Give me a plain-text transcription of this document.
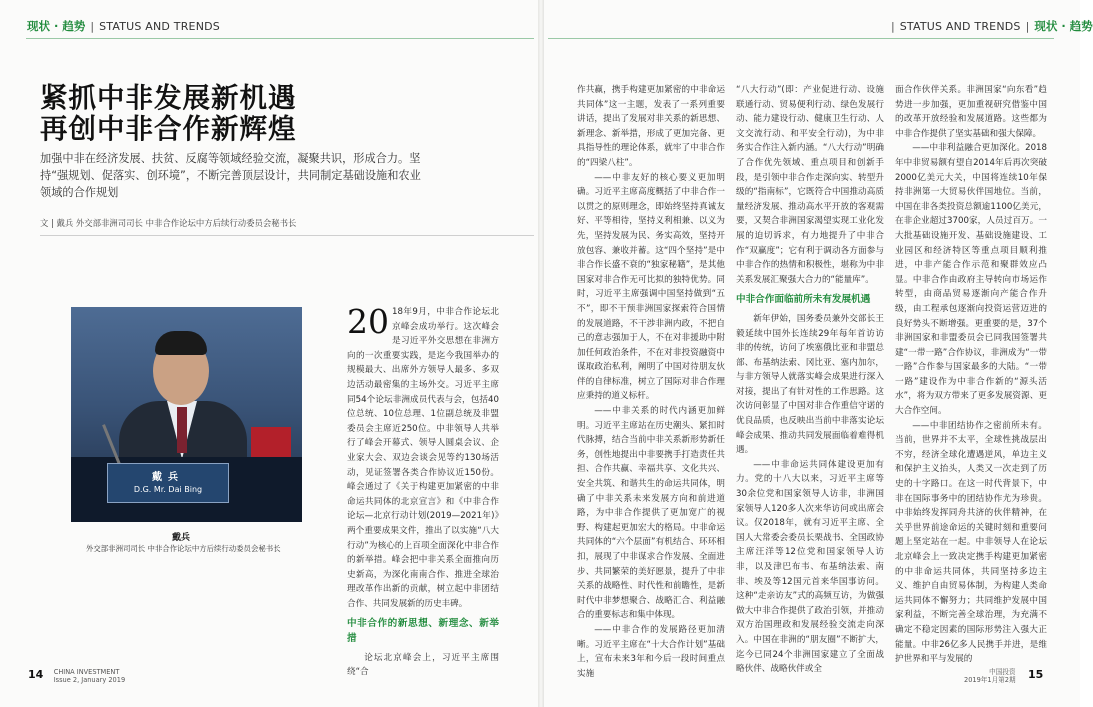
现状 · 趋势 | STATUS AND TRENDS	| STATUS AND TRENDS | 现状 · 趋势
紧抓中非发展新机遇
再创中非合作新辉煌
加强中非在经济发展、扶贫、反腐等领域经验交流，凝聚共识，形成合力。坚持“强规划、促落实、创环境”，不断完善顶层设计，共同制定基础设施和农业领域的合作规划
文 | 戴兵 外交部非洲司司长 中非合作论坛中方后续行动委员会秘书长
戴兵
D.G. Mr. Dai Bing
戴兵
外交部非洲司司长 中非合作论坛中方后续行动委员会秘书长

20 18年9月，中非合作论坛北京峰会成功举行。这次峰会是习近平外交思想在非洲方向的一次重要实践，是迄今我国举办的规模最大、出席外方领导人最多、多双边活动最密集的主场外交。习近平主席同54个论坛非洲成员代表与会，包括40位总统、10位总理、1位副总统及非盟委员会主席近250位。中非领导人共举行了峰会开幕式、领导人圆桌会议、企业家大会、双边会谈会见等约130场活动，见证签署各类合作协议近150份。峰会通过了《关于构建更加紧密的中非命运共同体的北京宣言》和《中非合作论坛—北京行动计划(2019—2021年)》两个重要成果文件，推出了以实施“八大行动”为核心的上百项全面深化中非合作的新举措。峰会把中非关系全面推向历史新高，为深化南南合作、推进全球治理改革作出新的贡献，树立起中非团结合作、共同发展新的历史丰碑。

中非合作的新思想、新理念、新举措

论坛北京峰会上，习近平主席围绕“合

作共赢，携手构建更加紧密的中非命运共同体”这一主题，发表了一系列重要讲话，提出了发展对非关系的新思想、新理念、新举措，形成了更加完备、更具指导性的理论体系，就牢了中非合作的“四梁八柱”。

——中非友好的核心要义更加明确。习近平主席高度概括了中非合作一以贯之的原则理念，即始终坚持真诚友好、平等相待，坚持义利相兼、以义为先，坚持发展为民、务实高效，坚持开放包容、兼收并蓄。这“四个坚持”是中非合作长盛不衰的“独家秘籍”，是其他国家对非合作无可比拟的独特优势。同时，习近平主席强调中国坚持做到“五不”，即不干预非洲国家探索符合国情的发展道路，不干涉非洲内政，不把自己的意志强加于人，不在对非援助中附加任何政治条件，不在对非投资融资中谋取政治私利，阐明了中国对待朋友伙伴的自律标准，树立了国际对非合作理应秉持的道义标杆。

——中非关系的时代内涵更加鲜明。习近平主席站在历史潮头、紧扣时代脉搏，结合当前中非关系新形势新任务，创性地提出中非要携手打造责任共担、合作共赢、幸福共享、文化共兴、安全共筑、和谐共生的命运共同体，明确了中非关系未来发展方向和前进道路，为中非合作提供了更加宽广的视野、构建起更加宏大的格局。中非命运共同体的“六个层面”有机结合、环环相扣，展现了中非谋求合作发展、全面进步、共同繁荣的美好愿景，提升了中非关系的战略性、时代性和前瞻性，是新时代中非梦想聚合、战略汇合、利益融合的重要标志和集中体现。

——中非合作的发展路径更加清晰。习近平主席在“十大合作计划”基础上，宣布未来3年和今后一段时间重点实施

“八大行动”(即：产业促进行动、设施联通行动、贸易便利行动、绿色发展行动、能力建设行动、健康卫生行动、人文交流行动、和平安全行动)，为中非务实合作注入新内涵。“八大行动”明确了合作优先领域、重点项目和创新手段，是引领中非合作走深向实、转型升级的“指南标”，它既符合中国推动高质量经济发展、推动高水平开放的客观需要，又契合非洲国家渴望实现工业化发展的迫切诉求，有力地提升了中非合作“双赢度”；它有利于调动各方面参与中非合作的热情和积极性，堪称为中非关系发展汇聚强大合力的“能量库”。

中非合作面临前所未有发展机遇

新年伊始，国务委员兼外交部长王毅延续中国外长连续29年每年首访访非的传统，访问了埃塞俄比亚和非盟总部、布基纳法索、冈比亚、塞内加尔，与非方领导人就落实峰会成果进行深入对接，提出了有针对性的工作思路。这次访问彰显了中国对非合作重信守诺的优良品质，也反映出当前中非落实论坛峰会成果、推动共同发展面临着难得机遇。

——中非命运共同体建设更加有力。党的十八大以来，习近平主席等30余位党和国家领导人访非，非洲国家领导人120多人次来华访问或出席会议。仅2018年，就有习近平主席、全国人大常委会委员长栗战书、全国政协主席汪洋等12位党和国家领导人访非，以及津巴布韦、布基纳法索、南非、埃及等12国元首来华国事访问。这种“走亲访友”式的高频互访，为做强做大中非合作提供了政治引领，并推动双方治国理政和发展经验交流走向深入。中国在非洲的“朋友圈”不断扩大，迄今已同24个非洲国家建立了全面战略伙伴、战略伙伴或全

面合作伙伴关系。非洲国家“向东看”趋势进一步加强，更加重视研究借鉴中国的改革开放经验和发展道路。这些都为中非合作提供了坚实基础和强大保障。

——中非利益融合更加深化。2018年中非贸易额有望自2014年后再次突破2000亿美元大关，中国将连续10年保持非洲第一大贸易伙伴国地位。当前，中国在非各类投资总额逾1100亿美元，在非企业超过3700家，人员过百万。一大批基础设施开发、基础设施建设、工业园区和经济特区等重点项目顺利推进，中非产能合作示范和聚群效应凸显。中非合作由政府主导转向市场运作转型，由商品贸易逐渐向产能合作升级，由工程承包逐渐向投资运营迈进的良好势头不断增强。更重要的是，37个非洲国家和非盟委员会已同我国签署共建“一带一路”合作协议，非洲成为“一带一路”合作参与国家最多的大陆。“一带一路”建设作为中非合作新的“源头活水”，将为双方带来了更多发展资源、更大合作空间。

——中非团结协作之密前所未有。当前，世界并不太平，全球性挑战层出不穷，经济全球化遭遇逆风，单边主义和保护主义抬头，人类又一次走到了历史的十字路口。在这一时代背景下，中非在国际事务中的团结协作尤为珍贵。中非始终发挥同舟共济的伙伴精神，在关乎世界前途命运的关键时刻和重要问题上坚定站在一起。中非领导人在论坛北京峰会上一致决定携手构建更加紧密的中非命运共同体，共同坚持多边主义、维护自由贸易体制，为构建人类命运共同体不懈努力；共同维护发展中国家利益，不断完善全球治理，为充满不确定不稳定因素的国际形势注入强大正能量。中非26亿多人民携手并进，是维护世界和平与发展的

14 CHINA INVESTMENT
Issue 2, January 2019
中国投资
2019年1月第2期 15
